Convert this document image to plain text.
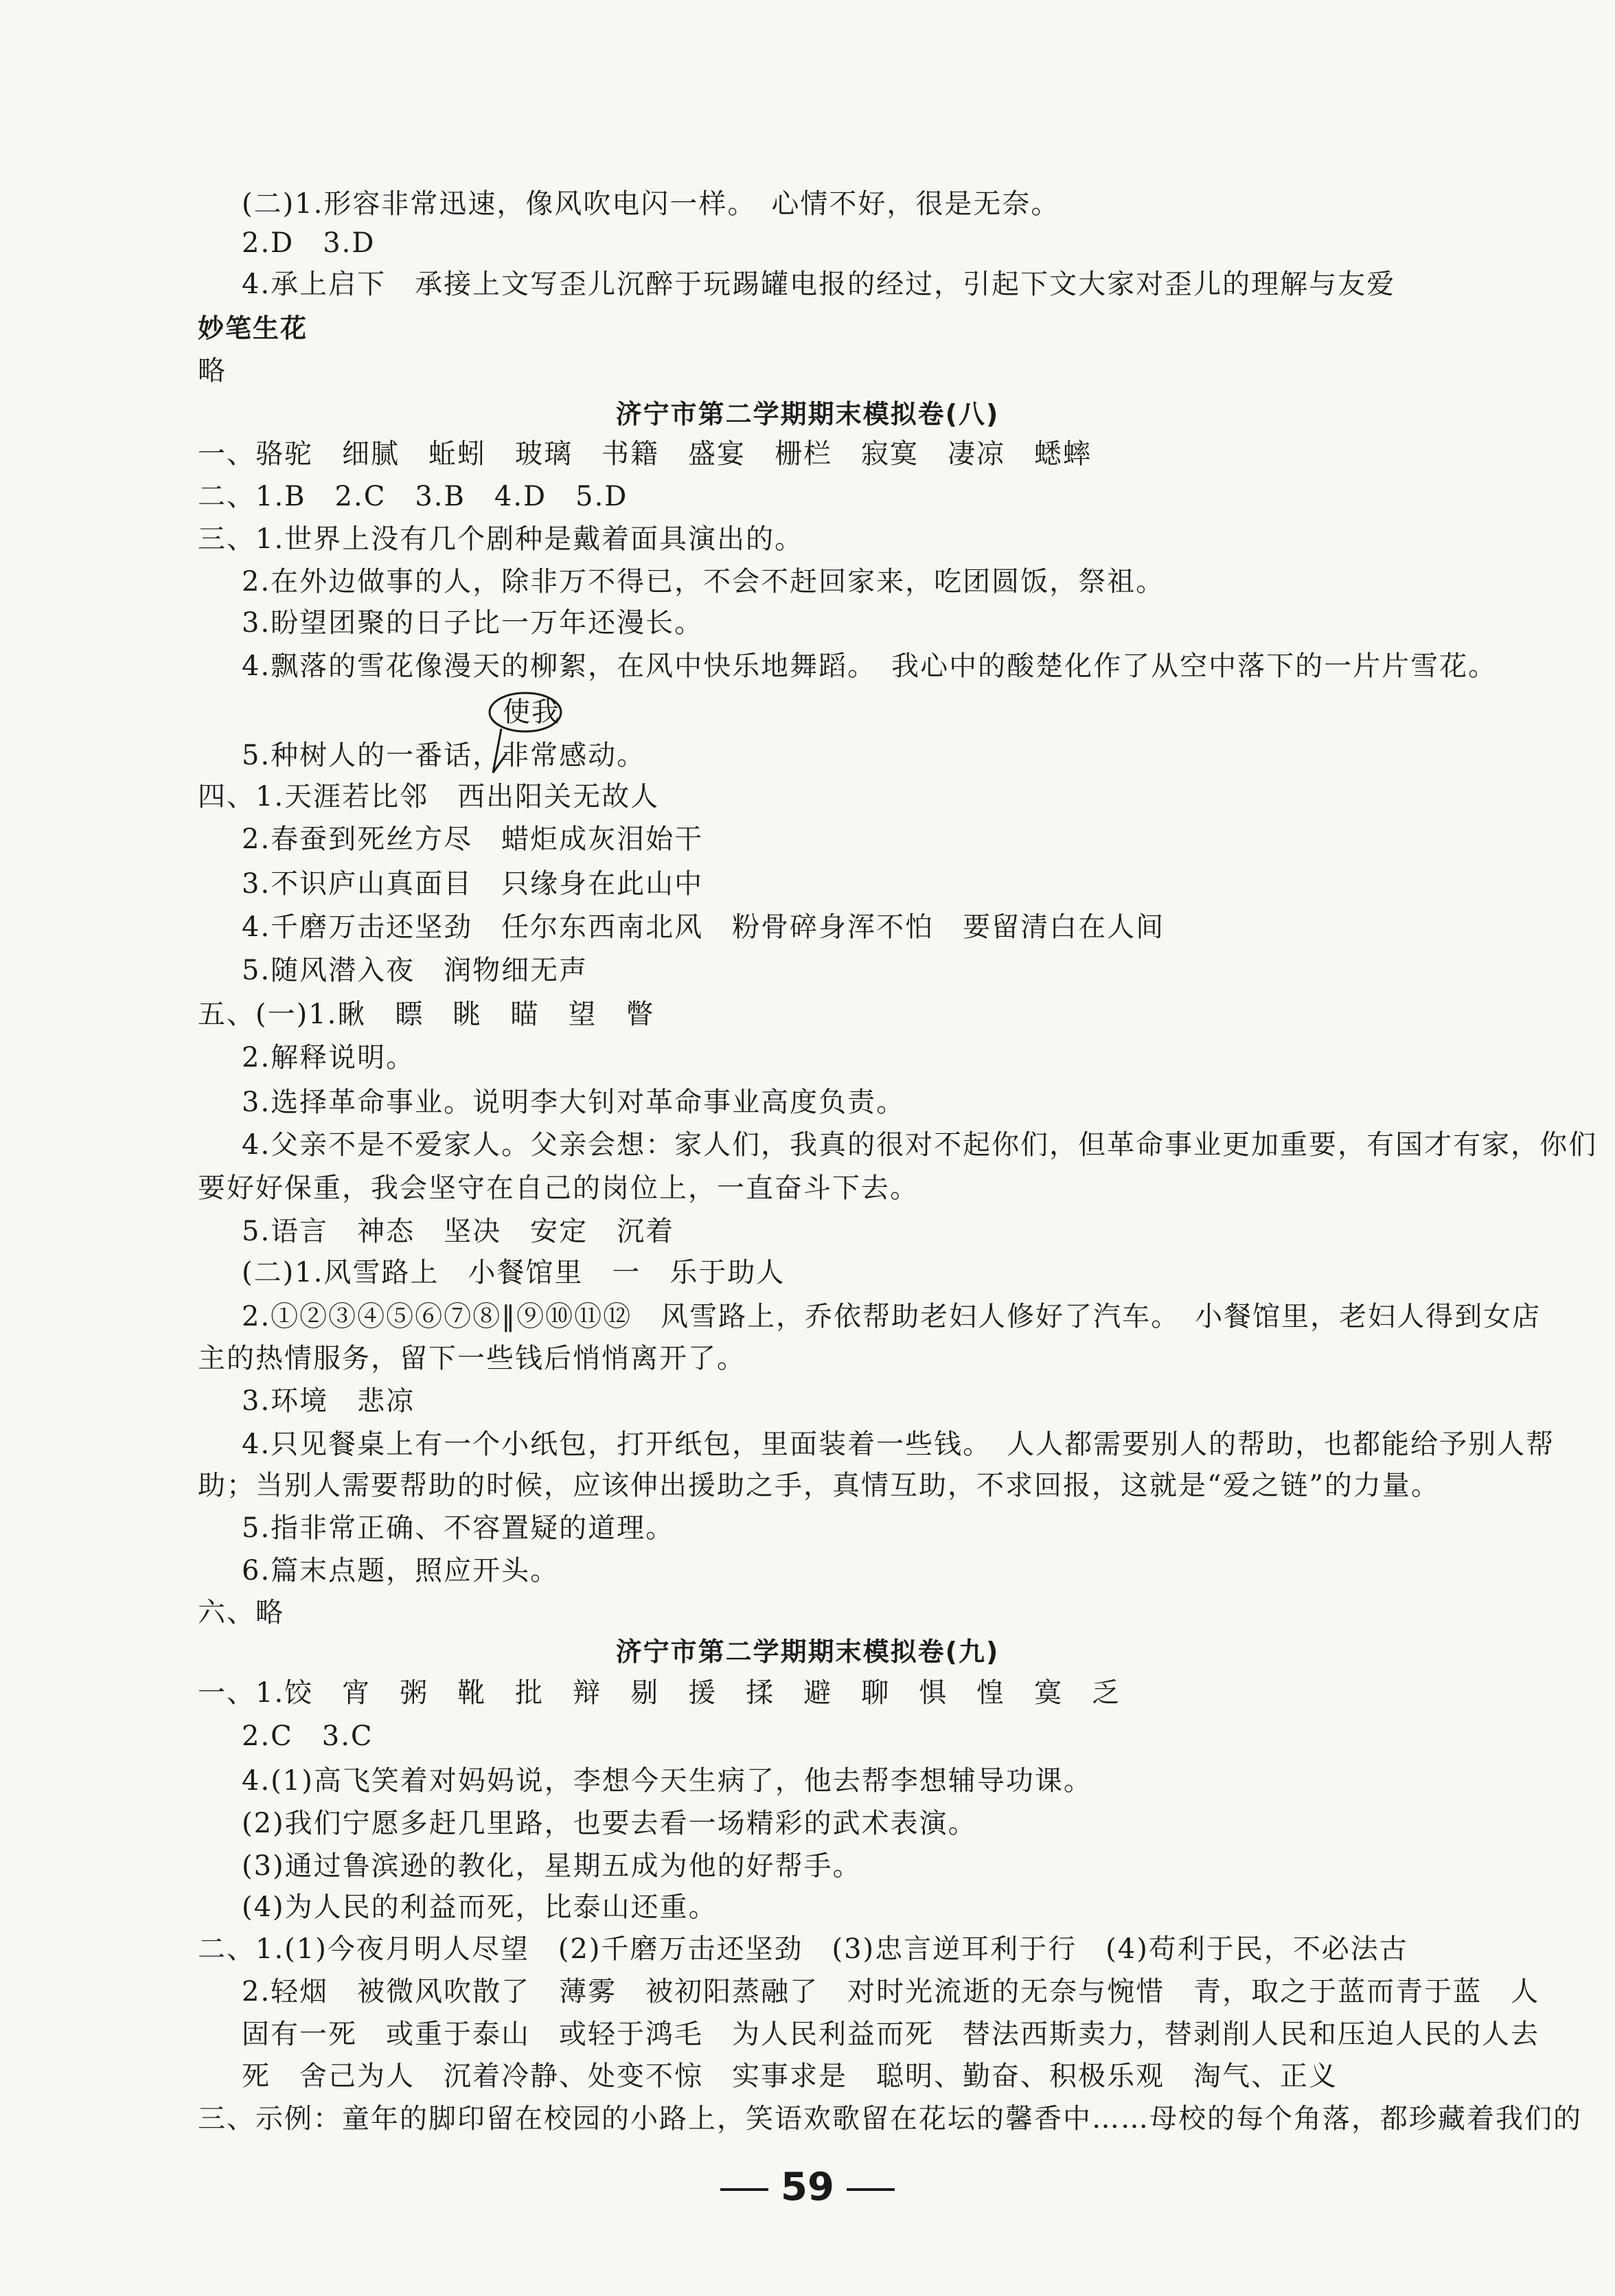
(二)1.形容非常迅速，像风吹电闪一样。　心情不好，很是无奈。
2.D　3.D
4.承上启下　承接上文写歪儿沉醉于玩踢罐电报的经过，引起下文大家对歪儿的理解与友爱
妙笔生花
略
济宁市第二学期期末模拟卷(八)
一、骆驼　细腻　蚯蚓　玻璃　书籍　盛宴　栅栏　寂寞　凄凉　蟋蟀
二、1.B　2.C　3.B　4.D　5.D
三、1.世界上没有几个剧种是戴着面具演出的。
2.在外边做事的人，除非万不得已，不会不赶回家来，吃团圆饭，祭祖。
3.盼望团聚的日子比一万年还漫长。
4.飘落的雪花像漫天的柳絮，在风中快乐地舞蹈。　我心中的酸楚化作了从空中落下的一片片雪花。
5.种树人的一番话，非常感动。
使我
四、1.天涯若比邻　西出阳关无故人
2.春蚕到死丝方尽　蜡炬成灰泪始干
3.不识庐山真面目　只缘身在此山中
4.千磨万击还坚劲　任尔东西南北风　粉骨碎身浑不怕　要留清白在人间
5.随风潜入夜　润物细无声
五、(一)1.瞅　瞟　眺　瞄　望　瞥
2.解释说明。
3.选择革命事业。说明李大钊对革命事业高度负责。
4.父亲不是不爱家人。父亲会想：家人们，我真的很对不起你们，但革命事业更加重要，有国才有家，你们
要好好保重，我会坚守在自己的岗位上，一直奋斗下去。
5.语言　神态　坚决　安定　沉着
(二)1.风雪路上　小餐馆里　一　乐于助人
2.①②③④⑤⑥⑦⑧‖⑨⑩⑪⑫　风雪路上，乔依帮助老妇人修好了汽车。　小餐馆里，老妇人得到女店
主的热情服务，留下一些钱后悄悄离开了。
3.环境　悲凉
4.只见餐桌上有一个小纸包，打开纸包，里面装着一些钱。　人人都需要别人的帮助，也都能给予别人帮
助；当别人需要帮助的时候，应该伸出援助之手，真情互助，不求回报，这就是“爱之链”的力量。
5.指非常正确、不容置疑的道理。
6.篇末点题，照应开头。
六、略
济宁市第二学期期末模拟卷(九)
一、1.饺　宵　粥　靴　批　辩　剔　援　揉　避　聊　惧　惶　寞　乏
2.C　3.C
4.(1)高飞笑着对妈妈说，李想今天生病了，他去帮李想辅导功课。
(2)我们宁愿多赶几里路，也要去看一场精彩的武术表演。
(3)通过鲁滨逊的教化，星期五成为他的好帮手。
(4)为人民的利益而死，比泰山还重。
二、1.(1)今夜月明人尽望　(2)千磨万击还坚劲　(3)忠言逆耳利于行　(4)苟利于民，不必法古
2.轻烟　被微风吹散了　薄雾　被初阳蒸融了　对时光流逝的无奈与惋惜　青，取之于蓝而青于蓝　人
固有一死　或重于泰山　或轻于鸿毛　为人民利益而死　替法西斯卖力，替剥削人民和压迫人民的人去
死　舍己为人　沉着冷静、处变不惊　实事求是　聪明、勤奋、积极乐观　淘气、正义
三、示例：童年的脚印留在校园的小路上，笑语欢歌留在花坛的馨香中……母校的每个角落，都珍藏着我们的
59
